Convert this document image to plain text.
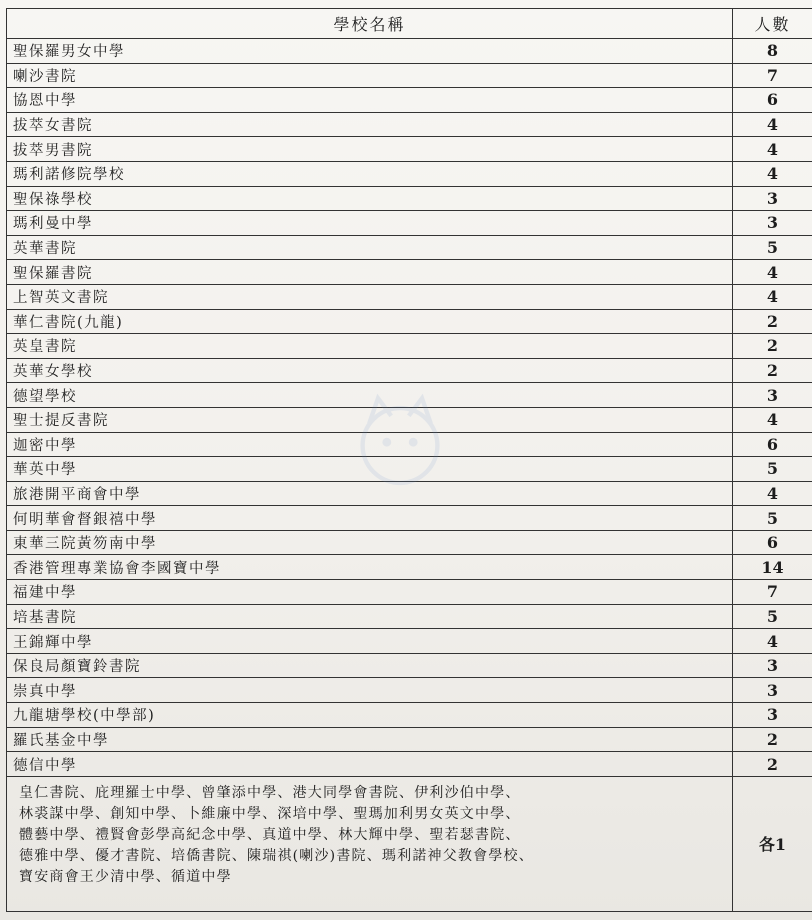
學校名稱	人數
聖保羅男女中學	8
喇沙書院	7
協恩中學	6
拔萃女書院	4
拔萃男書院	4
瑪利諾修院學校	4
聖保祿學校	3
瑪利曼中學	3
英華書院	5
聖保羅書院	4
上智英文書院	4
華仁書院(九龍)	2
英皇書院	2
英華女學校	2
德望學校	3
聖士提反書院	4
迦密中學	6
華英中學	5
旅港開平商會中學	4
何明華會督銀禧中學	5
東華三院黃笏南中學	6
香港管理專業協會李國寶中學	14
福建中學	7
培基書院	5
王錦輝中學	4
保良局顏寶鈴書院	3
崇真中學	3
九龍塘學校(中學部)	3
羅氏基金中學	2
德信中學	2

皇仁書院、庇理羅士中學、曾肇添中學、港大同學會書院、伊利沙伯中學、
林裘謀中學、創知中學、卜維廉中學、深培中學、聖瑪加利男女英文中學、
體藝中學、禮賢會彭學高紀念中學、真道中學、林大輝中學、聖若瑟書院、
德雅中學、優才書院、培僑書院、陳瑞祺(喇沙)書院、瑪利諾神父教會學校、
寶安商會王少清中學、循道中學	各1
